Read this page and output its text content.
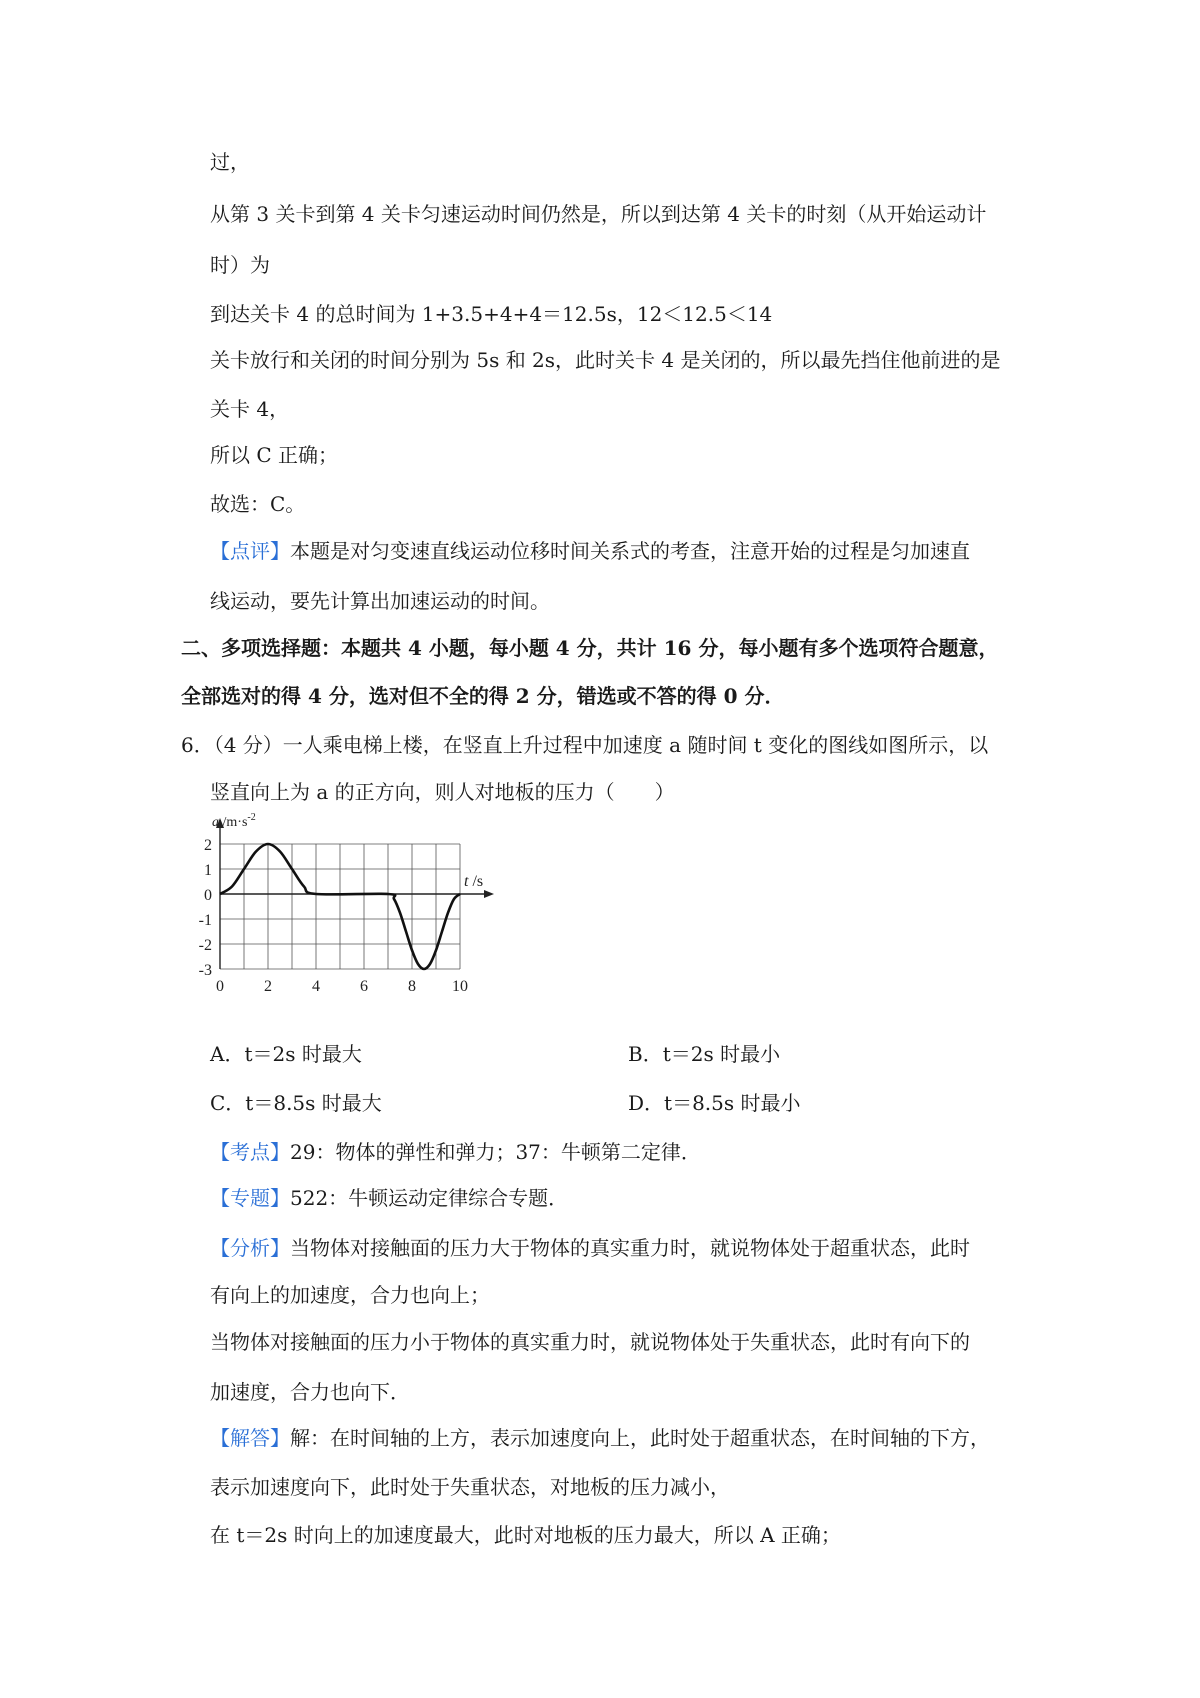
过，
从第 3 关卡到第 4 关卡匀速运动时间仍然是，所以到达第 4 关卡的时刻（从开始运动计
时）为
到达关卡 4 的总时间为 1+3.5+4+4＝12.5s，12＜12.5＜14
关卡放行和关闭的时间分别为 5s 和 2s，此时关卡 4 是关闭的，所以最先挡住他前进的是
关卡 4，
所以 C 正确；
故选：C。
【点评】本题是对匀变速直线运动位移时间关系式的考查，注意开始的过程是匀加速直
线运动，要先计算出加速运动的时间。
二、多项选择题：本题共 4 小题，每小题 4 分，共计 16 分，每小题有多个选项符合题意，
全部选对的得 4 分，选对但不全的得 2 分，错选或不答的得 0 分．
6．（4 分）一人乘电梯上楼，在竖直上升过程中加速度 a 随时间 t 变化的图线如图所示，以
竖直向上为 a 的正方向，则人对地板的压力（　　）
2
1
0
-1
-2
-3
0	2	4	6	8 10
a $/m\cdot s^{-2}$
t /s
A．t＝2s 时最大	B．t＝2s 时最小
C．t＝8.5s 时最大	D．t＝8.5s 时最小
【考点】29：物体的弹性和弹力；37：牛顿第二定律．
【专题】522：牛顿运动定律综合专题．
【分析】当物体对接触面的压力大于物体的真实重力时，就说物体处于超重状态，此时
有向上的加速度，合力也向上；
当物体对接触面的压力小于物体的真实重力时，就说物体处于失重状态，此时有向下的
加速度，合力也向下．
【解答】解：在时间轴的上方，表示加速度向上，此时处于超重状态，在时间轴的下方，
表示加速度向下，此时处于失重状态，对地板的压力减小，
在 t＝2s 时向上的加速度最大，此时对地板的压力最大，所以 A 正确；
